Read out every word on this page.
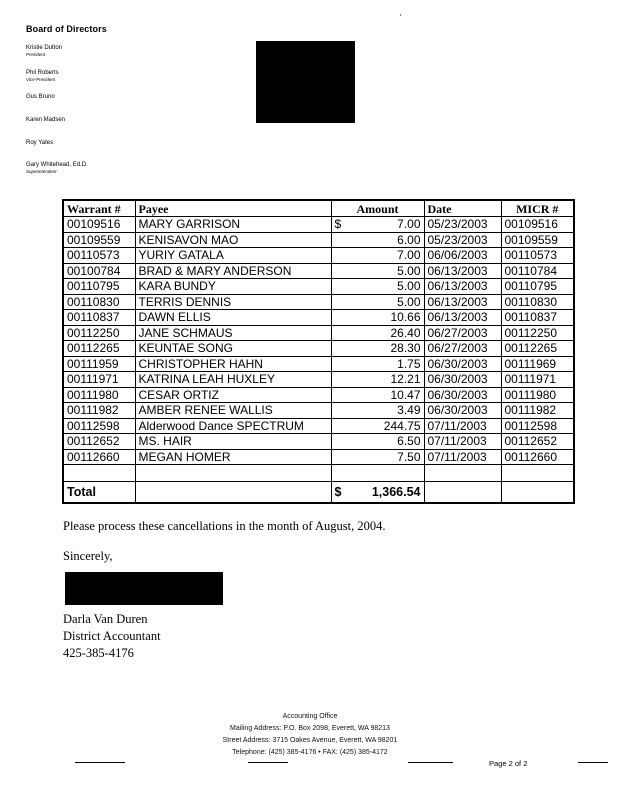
Board of Directors
Kristie Dutton
President
Phil Roberts
Vice-President
Gus Bruno
Karen Madsen
Roy Yates
Gary Whitehead, Ed.D.
Superintendent
Warrant #	Payee	Amount	Date	MICR #
00109516	MARY GARRISON	$ 7.00	05/23/2003	00109516
00109559	KENISAVON MAO	6.00	05/23/2003	00109559
00110573	YURIY GATALA	7.00	06/06/2003	00110573
00100784	BRAD & MARY ANDERSON	5.00	06/13/2003	00110784
00110795	KARA BUNDY	5.00	06/13/2003	00110795
00110830	TERRIS DENNIS	5.00	06/13/2003	00110830
00110837	DAWN ELLIS	10.66	06/13/2003	00110837
00112250	JANE SCHMAUS	26.40	06/27/2003	00112250
00112265	KEUNTAE SONG	28.30	06/27/2003	00112265
00111959	CHRISTOPHER HAHN	1.75	06/30/2003	00111969
00111971	KATRINA LEAH HUXLEY	12.21	06/30/2003	00111971
00111980	CESAR ORTIZ	10.47	06/30/2003	00111980
00111982	AMBER RENEE WALLIS	3.49	06/30/2003	00111982
00112598	Alderwood Dance SPECTRUM	244.75	07/11/2003	00112598
00112652	MS. HAIR	6.50	07/11/2003	00112652
00112660	MEGAN HOMER	7.50	07/11/2003	00112660

Total		$ 1,366.54		
Please process these cancellations in the month of August, 2004.
Sincerely,
Darla Van Duren
District Accountant
425-385-4176
Accounting Office
Mailing Address: P.O. Box 2098, Everett, WA 98213
Street Address: 3715 Oakes Avenue, Everett, WA 98201
Telephone: (425) 385-4176 • FAX: (425) 385-4172
Page 2 of 2
